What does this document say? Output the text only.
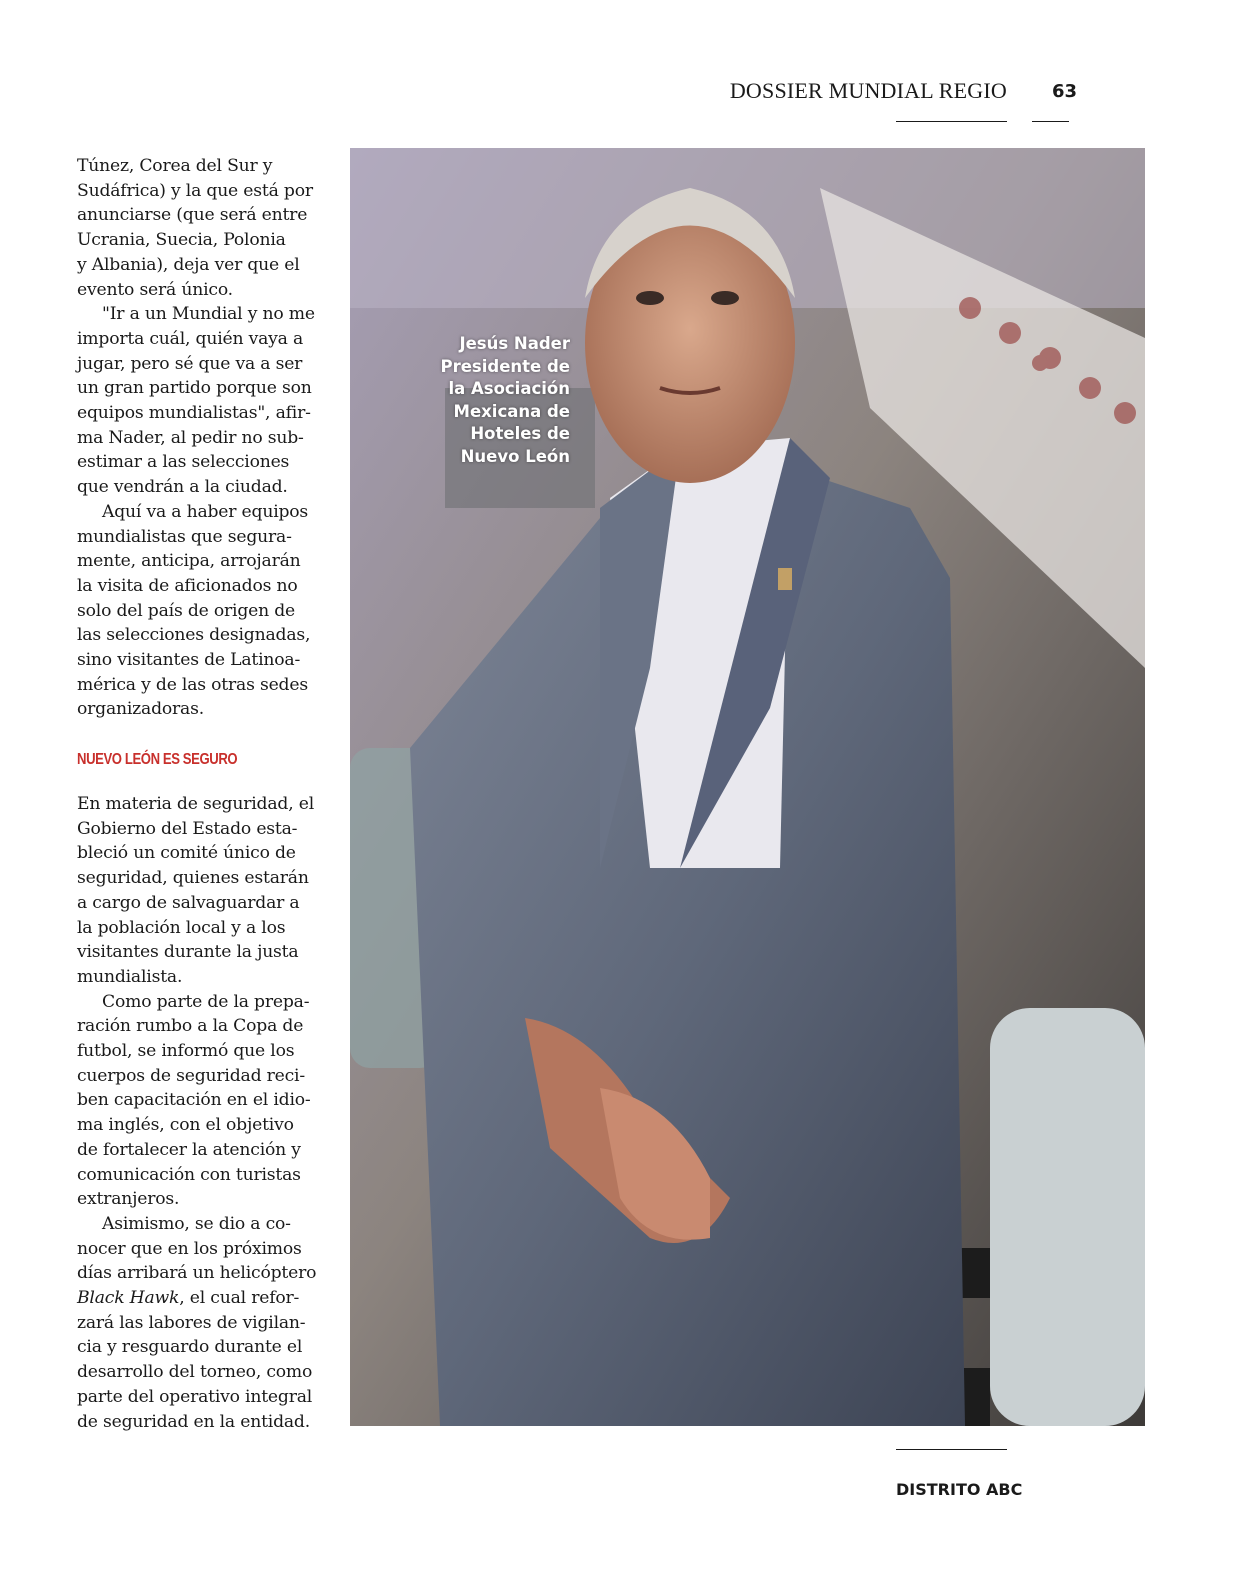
DOSSIER MUNDIAL REGIO	63

Túnez, Corea del Sur y
Sudáfrica) y la que está por
anunciarse (que será entre
Ucrania, Suecia, Polonia
y Albania), deja ver que el
evento será único.

"Ir a un Mundial y no me
importa cuál, quién vaya a
jugar, pero sé que va a ser
un gran partido porque son
equipos mundialistas", afir-
ma Nader, al pedir no sub-
estimar a las selecciones
que vendrán a la ciudad.

Aquí va a haber equipos
mundialistas que segura-
mente, anticipa, arrojarán
la visita de aficionados no
solo del país de origen de
las selecciones designadas,
sino visitantes de Latinoa-
mérica y de las otras sedes
organizadoras.

NUEVO LEÓN ES SEGURO

En materia de seguridad, el
Gobierno del Estado esta-
bleció un comité único de
seguridad, quienes estarán
a cargo de salvaguardar a
la población local y a los
visitantes durante la justa
mundialista.

Como parte de la prepa-
ración rumbo a la Copa de
futbol, se informó que los
cuerpos de seguridad reci-
ben capacitación en el idio-
ma inglés, con el objetivo
de fortalecer la atención y
comunicación con turistas
extranjeros.

Asimismo, se dio a co-
nocer que en los próximos
días arribará un helicóptero
Black Hawk, el cual refor-
zará las labores de vigilan-
cia y resguardo durante el
desarrollo del torneo, como
parte del operativo integral
de seguridad en la entidad.

Jesús Nader
Presidente de
la Asociación
Mexicana de
Hoteles de
Nuevo León
DISTRITO ABC
